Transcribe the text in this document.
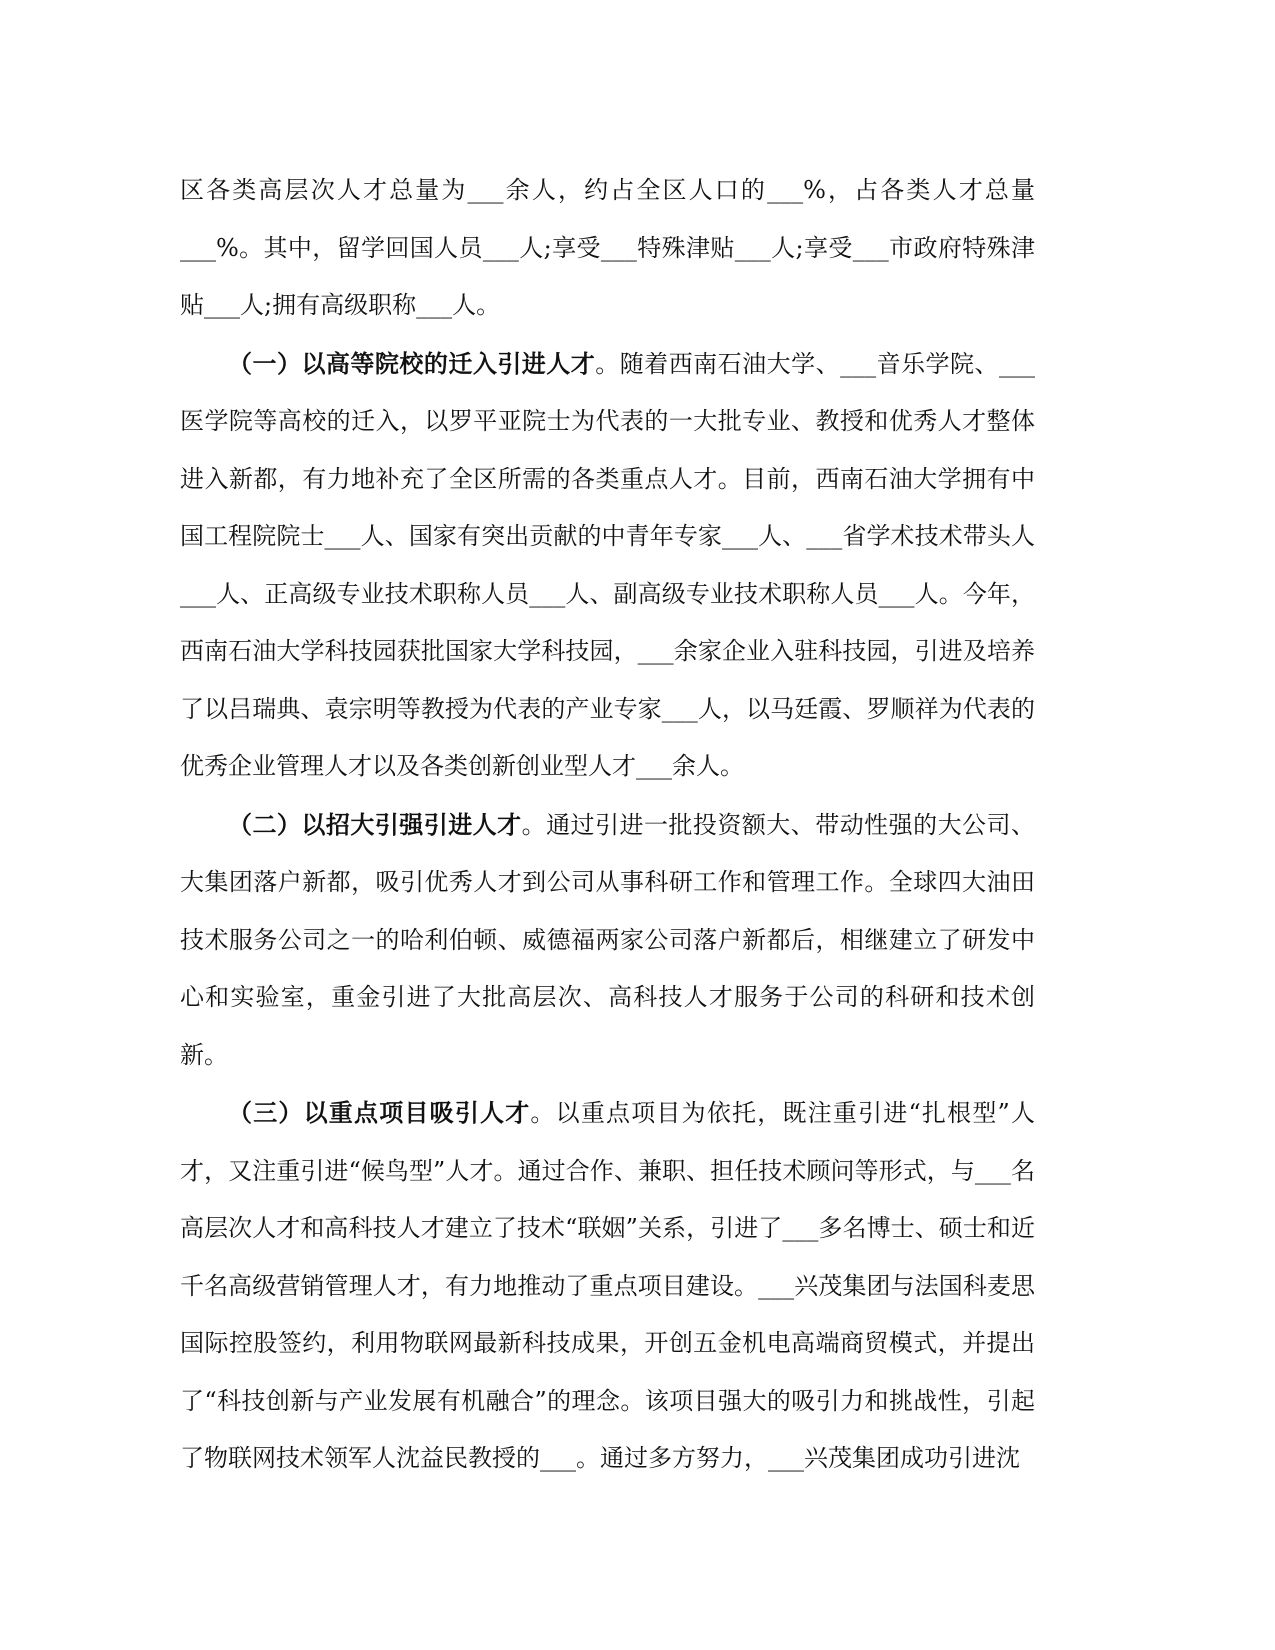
区各类高层次人才总量为___余人，约占全区人口的___%，占各类人才总量___%。其中，留学回国人员___人;享受___特殊津贴___人;享受___市政府特殊津贴___人;拥有高级职称___人。

（一）以高等院校的迁入引进人才。随着西南石油大学、___音乐学院、___医学院等高校的迁入，以罗平亚院士为代表的一大批专业、教授和优秀人才整体进入新都，有力地补充了全区所需的各类重点人才。目前，西南石油大学拥有中国工程院院士___人、国家有突出贡献的中青年专家___人、___省学术技术带头人___人、正高级专业技术职称人员___人、副高级专业技术职称人员___人。今年，西南石油大学科技园获批国家大学科技园，___余家企业入驻科技园，引进及培养了以吕瑞典、袁宗明等教授为代表的产业专家___人，以马廷霞、罗顺祥为代表的优秀企业管理人才以及各类创新创业型人才___余人。

（二）以招大引强引进人才。通过引进一批投资额大、带动性强的大公司、大集团落户新都，吸引优秀人才到公司从事科研工作和管理工作。全球四大油田技术服务公司之一的哈利伯顿、威德福两家公司落户新都后，相继建立了研发中心和实验室，重金引进了大批高层次、高科技人才服务于公司的科研和技术创新。

（三）以重点项目吸引人才。以重点项目为依托，既注重引进“扎根型”人才，又注重引进“候鸟型”人才。通过合作、兼职、担任技术顾问等形式，与___名高层次人才和高科技人才建立了技术“联姻”关系，引进了___多名博士、硕士和近千名高级营销管理人才，有力地推动了重点项目建设。___兴茂集团与法国科麦思国际控股签约，利用物联网最新科技成果，开创五金机电高端商贸模式，并提出了“科技创新与产业发展有机融合”的理念。该项目强大的吸引力和挑战性，引起了物联网技术领军人沈益民教授的___。通过多方努力，___兴茂集团成功引进沈
